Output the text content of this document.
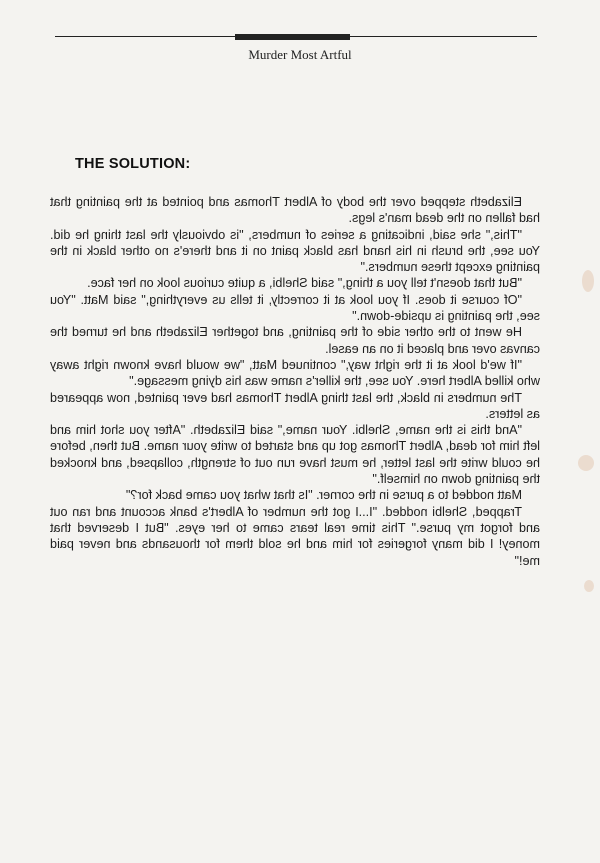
Murder Most Artful
THE SOLUTION:

Elizabeth stepped over the body of Albert Thomas and pointed at the painting that had fallen on the dead man's legs.

"This," she said, indicating a series of numbers, "is obviously the last thing he did. You see, the brush in his hand has black paint on it and there's no other black in the painting except these numbers."

"But that doesn't tell you a thing," said Shelbi, a quite curious look on her face.

"Of course it does. If you look at it correctly, it tells us everything," said Matt. "You see, the painting is upside-down."

He went to the other side of the painting, and together Elizabeth and he turned the canvas over and placed it on an easel.

"If we'd look at it the right way," continued Matt, "we would have known right away who killed Albert here. You see, the killer's name was his dying message."

The numbers in black, the last thing Albert Thomas had ever painted, now appeared as letters.

"And this is the name, Shelbi. Your name," said Elizabeth. "After you shot him and left him for dead, Albert Thomas got up and started to write your name. But then, before he could write the last letter, he must have run out of strength, collapsed, and knocked the painting down on himself."

Matt nodded to a purse in the corner. "Is that what you came back for?"

Trapped, Shelbi nodded. "I...I got the number of Albert's bank account and ran out and forgot my purse." This time real tears came to her eyes. "But I deserved that money! I did many forgeries for him and he sold them for thousands and never paid me!"
